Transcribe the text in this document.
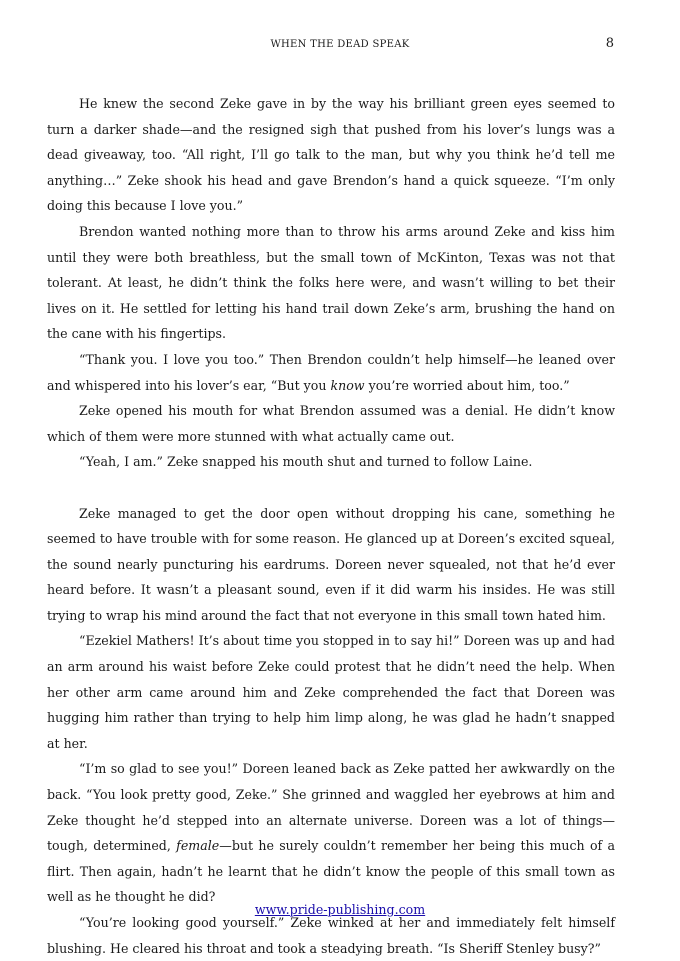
WHEN THE DEAD SPEAK	8

He knew the second Zeke gave in by the way his brilliant green eyes seemed to turn a darker shade—and the resigned sigh that pushed from his lover’s lungs was a dead giveaway, too. “All right, I’ll go talk to the man, but why you think he’d tell me anything…” Zeke shook his head and gave Brendon’s hand a quick squeeze. “I’m only doing this because I love you.”

Brendon wanted nothing more than to throw his arms around Zeke and kiss him until they were both breathless, but the small town of McKinton, Texas was not that tolerant. At least, he didn’t think the folks here were, and wasn’t willing to bet their lives on it. He settled for letting his hand trail down Zeke’s arm, brushing the hand on the cane with his fingertips.

“Thank you. I love you too.” Then Brendon couldn’t help himself—he leaned over and whispered into his lover’s ear, “But you know you’re worried about him, too.”

Zeke opened his mouth for what Brendon assumed was a denial. He didn’t know which of them were more stunned with what actually came out.

“Yeah, I am.” Zeke snapped his mouth shut and turned to follow Laine.

Zeke managed to get the door open without dropping his cane, something he seemed to have trouble with for some reason. He glanced up at Doreen’s excited squeal, the sound nearly puncturing his eardrums. Doreen never squealed, not that he’d ever heard before. It wasn’t a pleasant sound, even if it did warm his insides. He was still trying to wrap his mind around the fact that not everyone in this small town hated him.

“Ezekiel Mathers! It’s about time you stopped in to say hi!” Doreen was up and had an arm around his waist before Zeke could protest that he didn’t need the help. When her other arm came around him and Zeke comprehended the fact that Doreen was hugging him rather than trying to help him limp along, he was glad he hadn’t snapped at her.

“I’m so glad to see you!” Doreen leaned back as Zeke patted her awkwardly on the back. “You look pretty good, Zeke.” She grinned and waggled her eyebrows at him and Zeke thought he’d stepped into an alternate universe. Doreen was a lot of things—tough, determined, female—but he surely couldn’t remember her being this much of a flirt. Then again, hadn’t he learnt that he didn’t know the people of this small town as well as he thought he did?

“You’re looking good yourself.” Zeke winked at her and immediately felt himself blushing. He cleared his throat and took a steadying breath. “Is Sheriff Stenley busy?”

www.pride-publishing.com
